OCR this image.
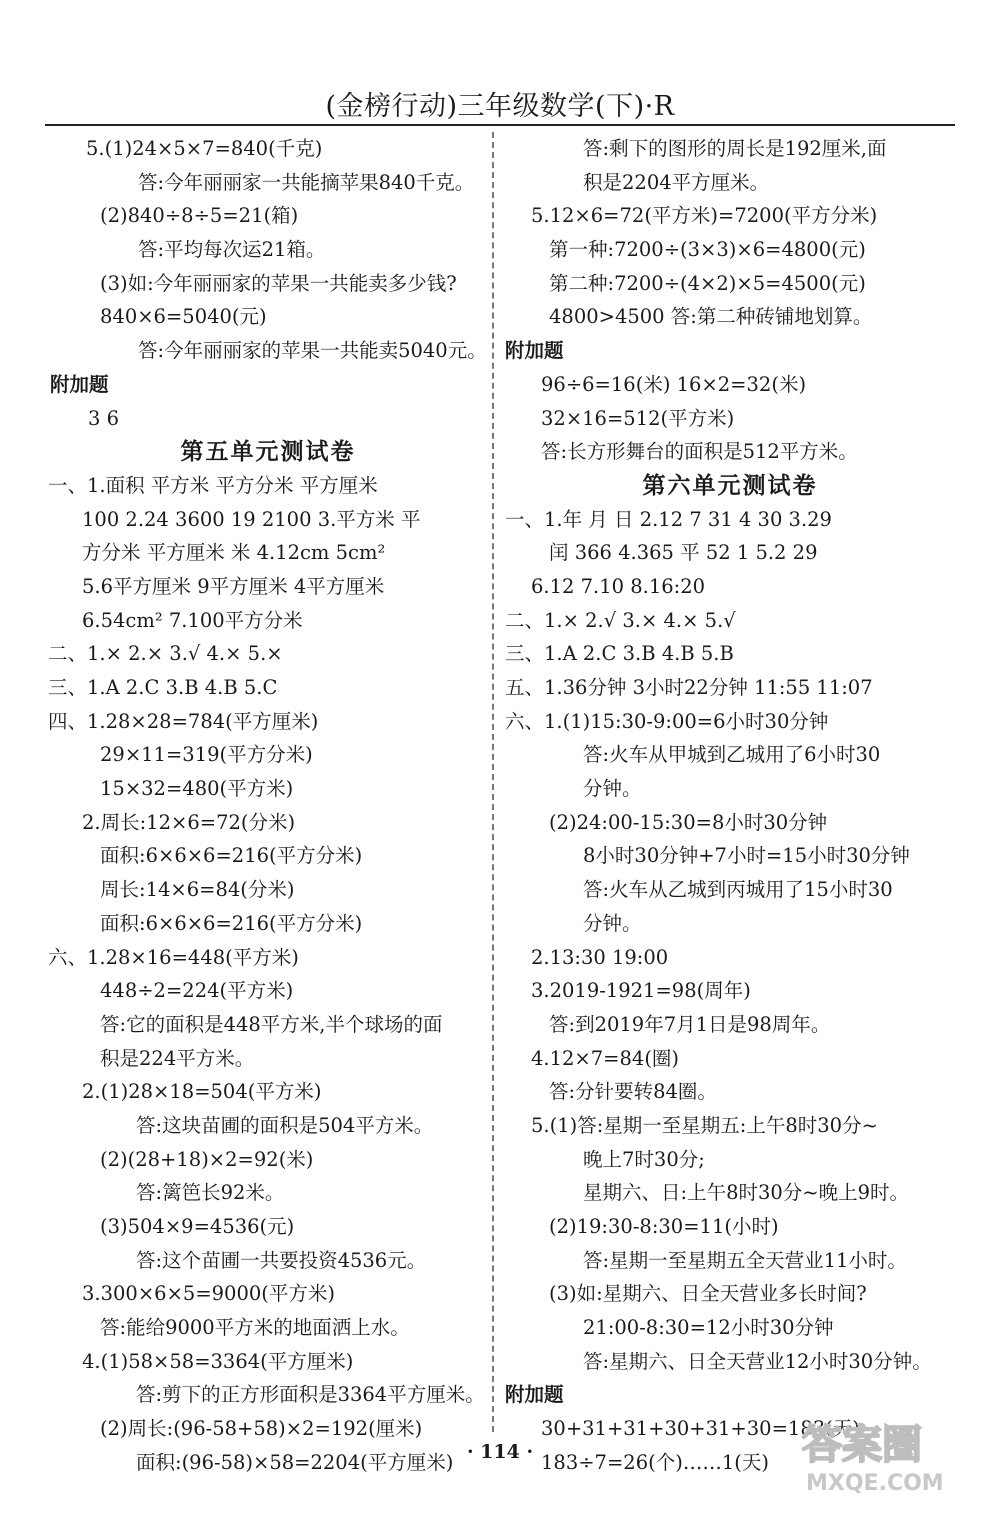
(金榜行动)三年级数学(下)·R
5.(1)24×5×7=840(千克)
答:今年丽丽家一共能摘苹果840千克。
(2)840÷8÷5=21(箱)
答:平均每次运21箱。
(3)如:今年丽丽家的苹果一共能卖多少钱?
840×6=5040(元)
答:今年丽丽家的苹果一共能卖5040元。
附加题
3 6
第五单元测试卷
一、1.面积 平方米 平方分米 平方厘米
100 2.24 3600 19 2100 3.平方米 平
方分米 平方厘米 米 4.12cm 5cm²
5.6平方厘米 9平方厘米 4平方厘米
6.54cm² 7.100平方分米
二、1.× 2.× 3.√ 4.× 5.×
三、1.A 2.C 3.B 4.B 5.C
四、1.28×28=784(平方厘米)
29×11=319(平方分米)
15×32=480(平方米)
2.周长:12×6=72(分米)
面积:6×6×6=216(平方分米)
周长:14×6=84(分米)
面积:6×6×6=216(平方分米)
六、1.28×16=448(平方米)
448÷2=224(平方米)
答:它的面积是448平方米,半个球场的面
积是224平方米。
2.(1)28×18=504(平方米)
答:这块苗圃的面积是504平方米。
(2)(28+18)×2=92(米)
答:篱笆长92米。
(3)504×9=4536(元)
答:这个苗圃一共要投资4536元。
3.300×6×5=9000(平方米)
答:能给9000平方米的地面洒上水。
4.(1)58×58=3364(平方厘米)
答:剪下的正方形面积是3364平方厘米。
(2)周长:(96-58+58)×2=192(厘米)
面积:(96-58)×58=2204(平方厘米)
答:剩下的图形的周长是192厘米,面
积是2204平方厘米。
5.12×6=72(平方米)=7200(平方分米)
第一种:7200÷(3×3)×6=4800(元)
第二种:7200÷(4×2)×5=4500(元)
4800>4500 答:第二种砖铺地划算。
附加题
96÷6=16(米) 16×2=32(米)
32×16=512(平方米)
答:长方形舞台的面积是512平方米。
第六单元测试卷
一、1.年 月 日 2.12 7 31 4 30 3.29
闰 366 4.365 平 52 1 5.2 29
6.12 7.10 8.16:20
二、1.× 2.√ 3.× 4.× 5.√
三、1.A 2.C 3.B 4.B 5.B
五、1.36分钟 3小时22分钟 11:55 11:07
六、1.(1)15:30-9:00=6小时30分钟
答:火车从甲城到乙城用了6小时30
分钟。
(2)24:00-15:30=8小时30分钟
8小时30分钟+7小时=15小时30分钟
答:火车从乙城到丙城用了15小时30
分钟。
2.13:30 19:00
3.2019-1921=98(周年)
答:到2019年7月1日是98周年。
4.12×7=84(圈)
答:分针要转84圈。
5.(1)答:星期一至星期五:上午8时30分~
晚上7时30分;
星期六、日:上午8时30分~晚上9时。
(2)19:30-8:30=11(小时)
答:星期一至星期五全天营业11小时。
(3)如:星期六、日全天营业多长时间?
21:00-8:30=12小时30分钟
答:星期六、日全天营业12小时30分钟。
附加题
30+31+31+30+31+30=183(天)
183÷7=26(个)……1(天)
· 114 ·	答案圈
MXQE.COM
